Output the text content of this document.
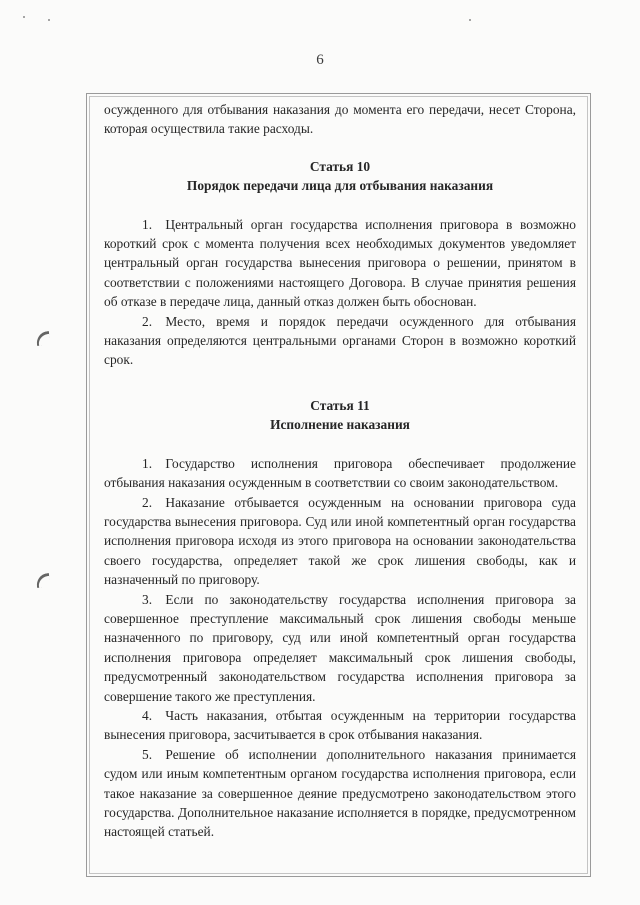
6

осужденного для отбывания наказания до момента его передачи, несет Сторона, которая осуществила такие расходы.

Статья 10
Порядок передачи лица для отбывания наказания

1. Центральный орган государства исполнения приговора в возможно короткий срок с момента получения всех необходимых документов уведомляет центральный орган государства вынесения приговора о решении, принятом в соответствии с положениями настоящего Договора. В случае принятия решения об отказе в передаче лица, данный отказ должен быть обоснован.

2. Место, время и порядок передачи осужденного для отбывания наказания определяются центральными органами Сторон в возможно короткий срок.

Статья 11
Исполнение наказания

1. Государство исполнения приговора обеспечивает продолжение отбывания наказания осужденным в соответствии со своим законодательством.

2. Наказание отбывается осужденным на основании приговора суда государства вынесения приговора. Суд или иной компетентный орган государства исполнения приговора исходя из этого приговора на основании законодательства своего государства, определяет такой же срок лишения свободы, как и назначенный по приговору.

3. Если по законодательству государства исполнения приговора за совершенное преступление максимальный срок лишения свободы меньше назначенного по приговору, суд или иной компетентный орган государства исполнения приговора определяет максимальный срок лишения свободы, предусмотренный законодательством государства исполнения приговора за совершение такого же преступления.

4. Часть наказания, отбытая осужденным на территории государства вынесения приговора, засчитывается в срок отбывания наказания.

5. Решение об исполнении дополнительного наказания принимается судом или иным компетентным органом государства исполнения приговора, если такое наказание за совершенное деяние предусмотрено законодательством этого государства. Дополнительное наказание исполняется в порядке, предусмотренном настоящей статьей.
